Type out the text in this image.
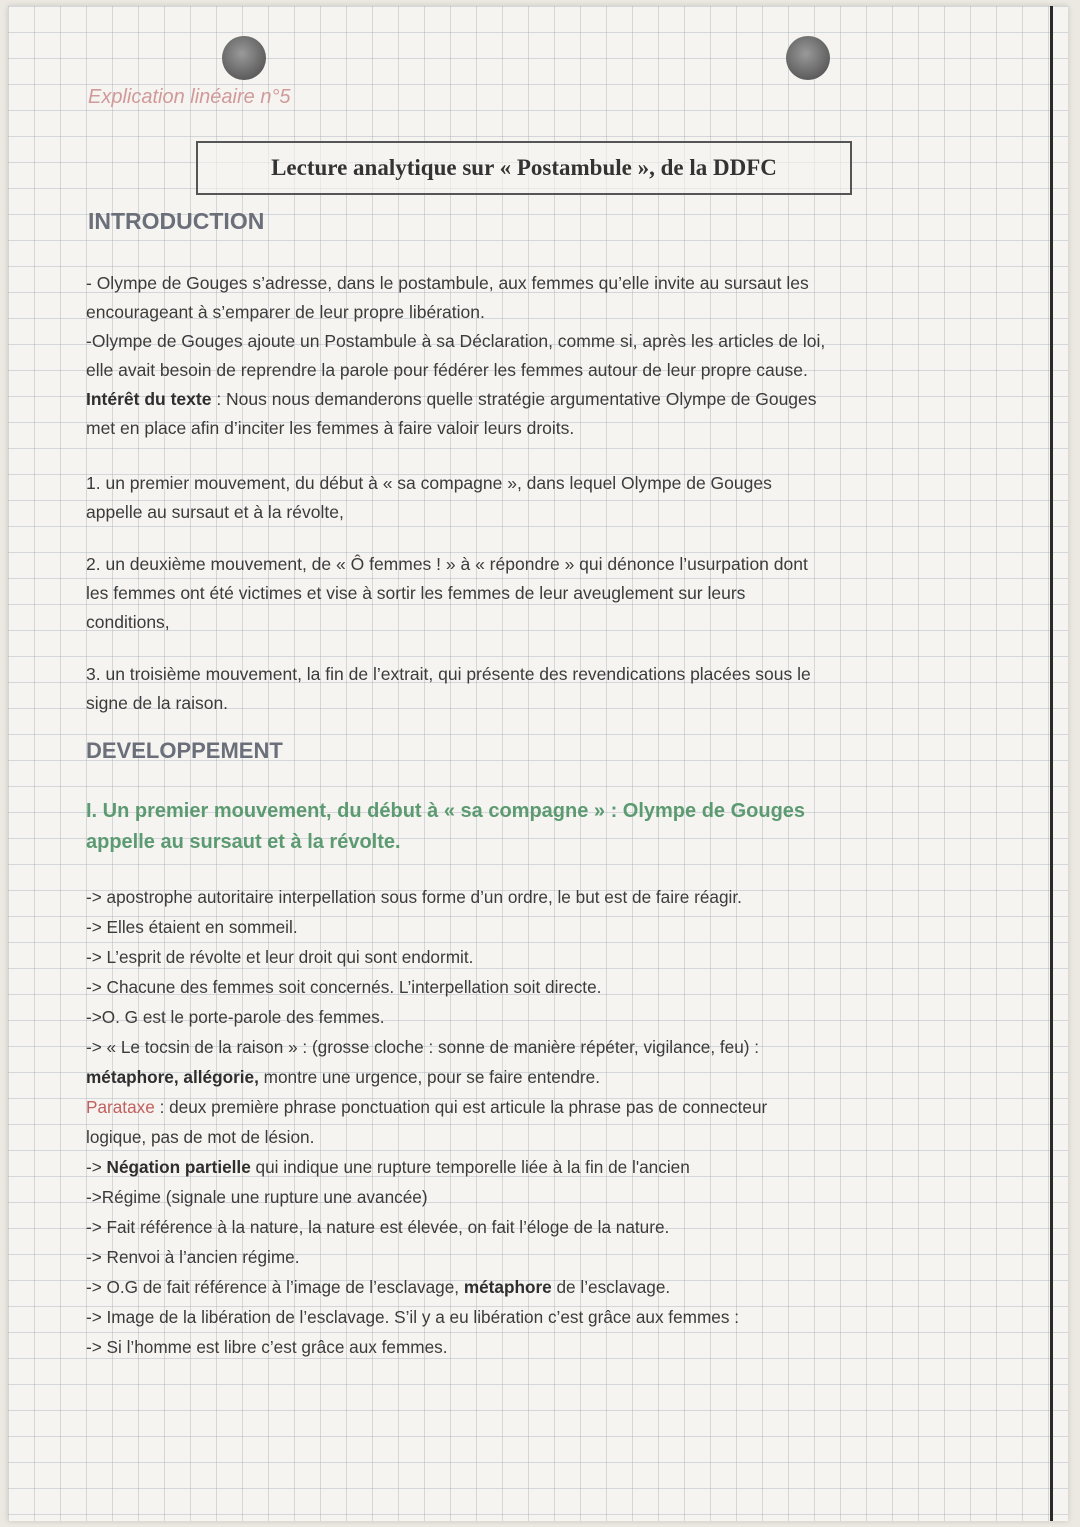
Explication linéaire n°5
Lecture analytique sur « Postambule », de la DDFC
INTRODUCTION

- Olympe de Gouges s’adresse, dans le postambule, aux femmes qu’elle invite au sursaut les

encourageant à s’emparer de leur propre libération.

-Olympe de Gouges ajoute un Postambule à sa Déclaration, comme si, après les articles de loi,

elle avait besoin de reprendre la parole pour fédérer les femmes autour de leur propre cause.

Intérêt du texte : Nous nous demanderons quelle stratégie argumentative Olympe de Gouges

met en place afin d’inciter les femmes à faire valoir leurs droits.

1. un premier mouvement, du début à « sa compagne », dans lequel Olympe de Gouges

appelle au sursaut et à la révolte,

2. un deuxième mouvement, de « Ô femmes ! » à « répondre » qui dénonce l’usurpation dont

les femmes ont été victimes et vise à sortir les femmes de leur aveuglement sur leurs

conditions,

3. un troisième mouvement, la fin de l’extrait, qui présente des revendications placées sous le

signe de la raison.

DEVELOPPEMENT
I. Un premier mouvement, du début à « sa compagne » : Olympe de Gouges
appelle au sursaut et à la révolte.

-> apostrophe autoritaire interpellation sous forme d’un ordre, le but est de faire réagir.

-> Elles étaient en sommeil.

-> L’esprit de révolte et leur droit qui sont endormit.

-> Chacune des femmes soit concernés. L’interpellation soit directe.

->O. G est le porte-parole des femmes.

-> « Le tocsin de la raison » : (grosse cloche : sonne de manière répéter, vigilance, feu) :

métaphore, allégorie, montre une urgence, pour se faire entendre.

Parataxe : deux première phrase ponctuation qui est articule la phrase pas de connecteur

logique, pas de mot de lésion.

-> Négation partielle qui indique une rupture temporelle liée à la fin de l'ancien

->Régime (signale une rupture une avancée)

-> Fait référence à la nature, la nature est élevée, on fait l’éloge de la nature.

-> Renvoi à l’ancien régime.

-> O.G de fait référence à l’image de l’esclavage, métaphore de l’esclavage.

-> Image de la libération de l’esclavage. S’il y a eu libération c’est grâce aux femmes :

-> Si l’homme est libre c’est grâce aux femmes.
